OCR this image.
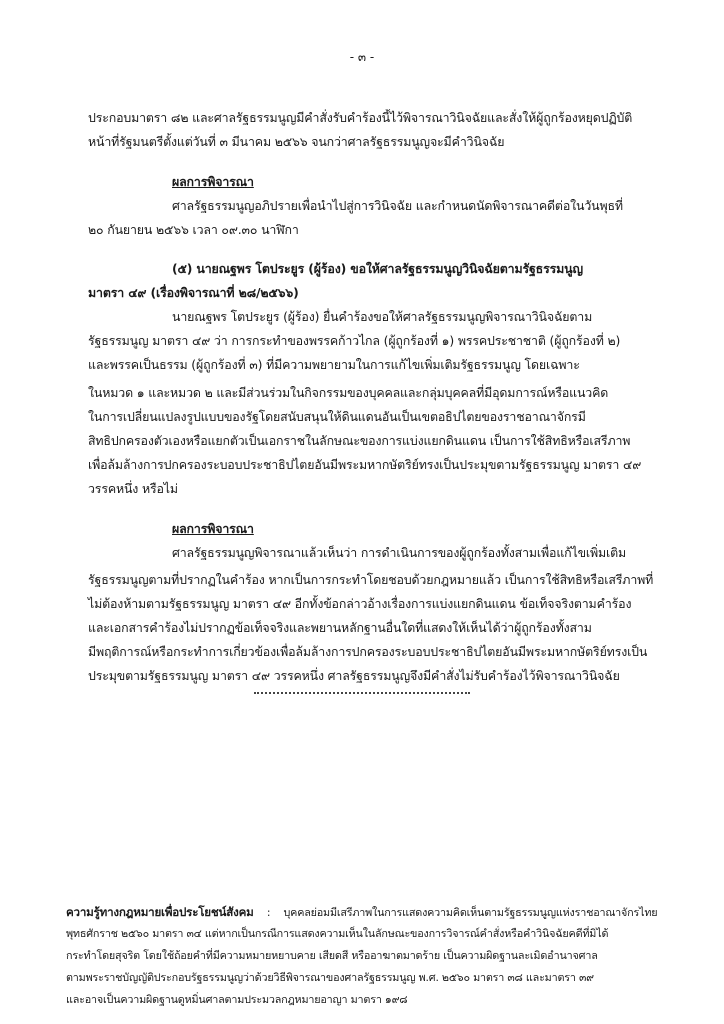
- ๓ -
ประกอบมาตรา ๘๒ และศาลรัฐธรรมนูญมีคำสั่งรับคำร้องนี้ไว้พิจารณาวินิจฉัยและสั่งให้ผู้ถูกร้องหยุดปฏิบัติ
หน้าที่รัฐมนตรีตั้งแต่วันที่ ๓ มีนาคม ๒๕๖๖ จนกว่าศาลรัฐธรรมนูญจะมีคำวินิจฉัย
ผลการพิจารณา
ศาลรัฐธรรมนูญอภิปรายเพื่อนำไปสู่การวินิจฉัย และกำหนดนัดพิจารณาคดีต่อในวันพุธที่
๒๐ กันยายน ๒๕๖๖ เวลา ๐๙.๓๐ นาฬิกา
(๕) นายณฐพร โตประยูร (ผู้ร้อง) ขอให้ศาลรัฐธรรมนูญวินิจฉัยตามรัฐธรรมนูญ
มาตรา ๔๙ (เรื่องพิจารณาที่ ๒๘/๒๕๖๖)
นายณฐพร โตประยูร (ผู้ร้อง) ยื่นคำร้องขอให้ศาลรัฐธรรมนูญพิจารณาวินิจฉัยตาม
รัฐธรรมนูญ มาตรา ๔๙ ว่า การกระทำของพรรคก้าวไกล (ผู้ถูกร้องที่ ๑) พรรคประชาชาติ (ผู้ถูกร้องที่ ๒)
และพรรคเป็นธรรม (ผู้ถูกร้องที่ ๓) ที่มีความพยายามในการแก้ไขเพิ่มเติมรัฐธรรมนูญ โดยเฉพาะ
ในหมวด ๑ และหมวด ๒ และมีส่วนร่วมในกิจกรรมของบุคคลและกลุ่มบุคคลที่มีอุดมการณ์หรือแนวคิด
ในการเปลี่ยนแปลงรูปแบบของรัฐโดยสนับสนุนให้ดินแดนอันเป็นเขตอธิปไตยของราชอาณาจักรมี
สิทธิปกครองตัวเองหรือแยกตัวเป็นเอกราชในลักษณะของการแบ่งแยกดินแดน เป็นการใช้สิทธิหรือเสรีภาพ
เพื่อล้มล้างการปกครองระบอบประชาธิปไตยอันมีพระมหากษัตริย์ทรงเป็นประมุขตามรัฐธรรมนูญ มาตรา ๔๙
วรรคหนึ่ง หรือไม่
ผลการพิจารณา
ศาลรัฐธรรมนูญพิจารณาแล้วเห็นว่า การดำเนินการของผู้ถูกร้องทั้งสามเพื่อแก้ไขเพิ่มเติม
รัฐธรรมนูญตามที่ปรากฏในคำร้อง หากเป็นการกระทำโดยชอบด้วยกฎหมายแล้ว เป็นการใช้สิทธิหรือเสรีภาพที่
ไม่ต้องห้ามตามรัฐธรรมนูญ มาตรา ๔๙ อีกทั้งข้อกล่าวอ้างเรื่องการแบ่งแยกดินแดน ข้อเท็จจริงตามคำร้อง
และเอกสารคำร้องไม่ปรากฏข้อเท็จจริงและพยานหลักฐานอื่นใดที่แสดงให้เห็นได้ว่าผู้ถูกร้องทั้งสาม
มีพฤติการณ์หรือกระทำการเกี่ยวข้องเพื่อล้มล้างการปกครองระบอบประชาธิปไตยอันมีพระมหากษัตริย์ทรงเป็น
ประมุขตามรัฐธรรมนูญ มาตรา ๔๙ วรรคหนึ่ง ศาลรัฐธรรมนูญจึงมีคำสั่งไม่รับคำร้องไว้พิจารณาวินิจฉัย
ความรู้ทางกฎหมายเพื่อประโยชน์สังคม : บุคคลย่อมมีเสรีภาพในการแสดงความคิดเห็นตามรัฐธรรมนูญแห่งราชอาณาจักรไทย
พุทธศักราช ๒๕๖๐ มาตรา ๓๔ แต่หากเป็นกรณีการแสดงความเห็นในลักษณะของการวิจารณ์คำสั่งหรือคำวินิจฉัยคดีที่มิได้
กระทำโดยสุจริต โดยใช้ถ้อยคำที่มีความหมายหยาบคาย เสียดสี หรืออาฆาตมาดร้าย เป็นความผิดฐานละเมิดอำนาจศาล
ตามพระราชบัญญัติประกอบรัฐธรรมนูญว่าด้วยวิธีพิจารณาของศาลรัฐธรรมนูญ พ.ศ. ๒๕๖๐ มาตรา ๓๘ และมาตรา ๓๙
และอาจเป็นความผิดฐานดูหมิ่นศาลตามประมวลกฎหมายอาญา มาตรา ๑๙๘
